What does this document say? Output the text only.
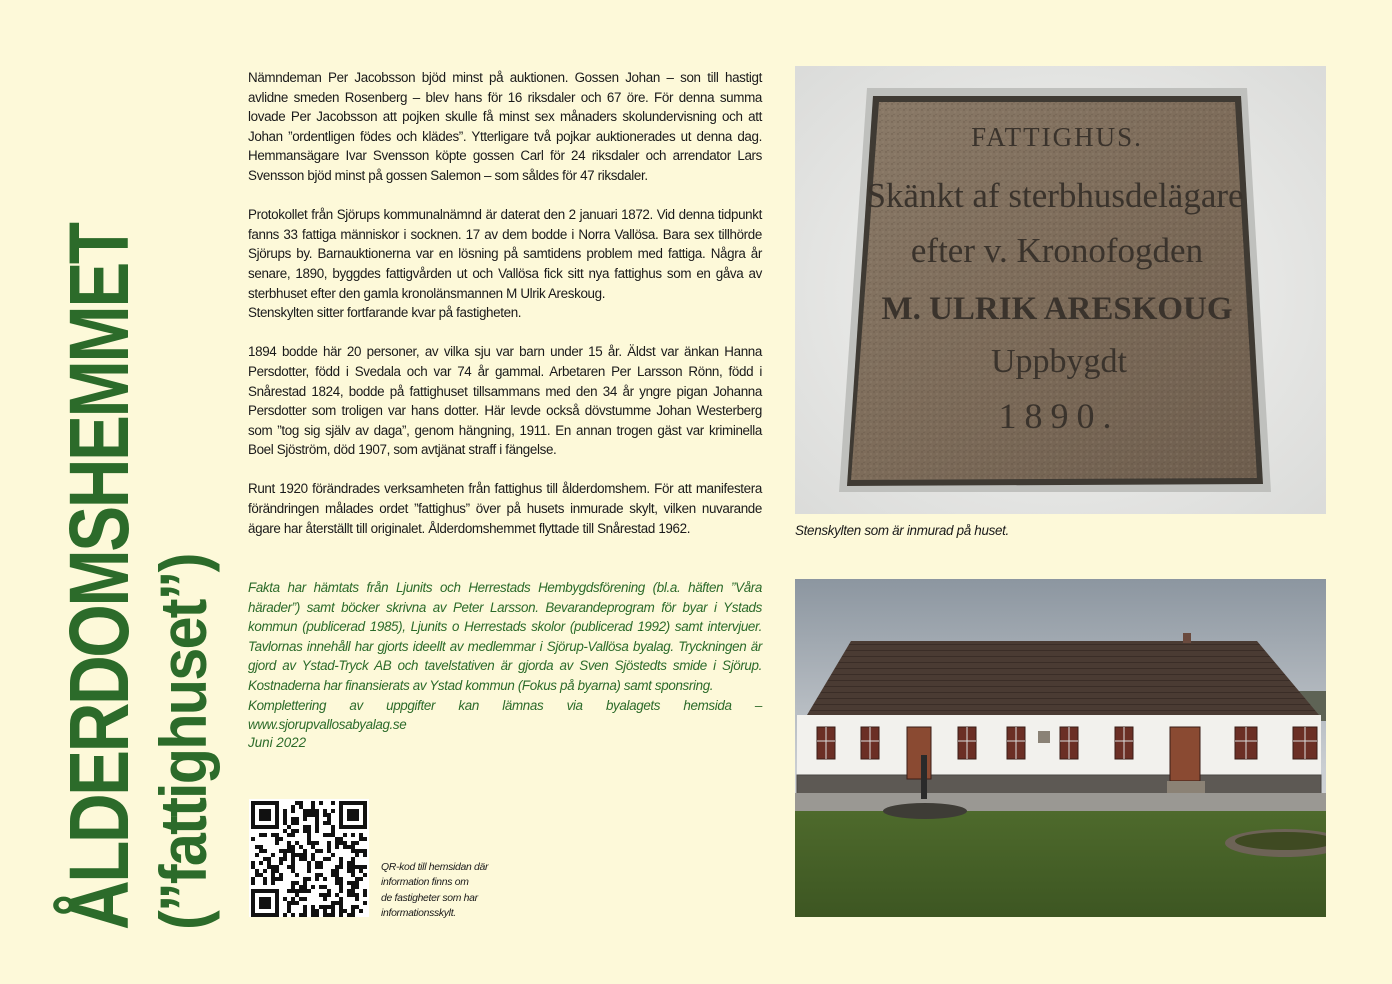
ÅLDERDOMSHEMMET (”fattighuset”)

Nämndeman Per Jacobsson bjöd minst på auktionen. Gossen Johan – son till hastigt avlidne smeden Rosenberg – blev hans för 16 riksdaler och 67 öre. För denna summa lovade Per Jacobsson att pojken skulle få minst sex månaders skolundervisning och att Johan ”ordentligen födes och klädes”. Ytterligare två pojkar auktionerades ut denna dag. Hemmansägare Ivar Svensson köpte gossen Carl för 24 riksdaler och arrendator Lars Svensson bjöd minst på gossen Salemon – som såldes för 47 riksdaler.

Protokollet från Sjörups kommunalnämnd är daterat den 2 januari 1872. Vid denna tidpunkt fanns 33 fattiga människor i socknen. 17 av dem bodde i Norra Vallösa. Bara sex tillhörde Sjörups by. Barnauktionerna var en lösning på samtidens problem med fattiga. Några år senare, 1890, byggdes fattigvården ut och Vallösa fick sitt nya fattighus som en gåva av sterbhuset efter den gamla kronolänsmannen M Ulrik Areskoug.
Stenskylten sitter fortfarande kvar på fastigheten.

1894 bodde här 20 personer, av vilka sju var barn under 15 år. Äldst var änkan Hanna Persdotter, född i Svedala och var 74 år gammal. Arbetaren Per Larsson Rönn, född i Snårestad 1824, bodde på fattighuset tillsammans med den 34 år yngre pigan Johanna Persdotter som troligen var hans dotter. Här levde också dövstumme Johan Westerberg som ”tog sig själv av daga”, genom hängning, 1911. En annan trogen gäst var kriminella Boel Sjöström, död 1907, som avtjänat straff i fängelse.

Runt 1920 förändrades verksamheten från fattighus till ålderdomshem. För att manifestera förändringen målades ordet ”fattighus” över på husets inmurade skylt, vilken nuvarande ägare har återställt till originalet. Ålderdomshemmet flyttade till Snårestad 1962.

Fakta har hämtats från Ljunits och Herrestads Hembygdsförening (bl.a. häften ”Våra härader”) samt böcker skrivna av Peter Larsson. Bevarandeprogram för byar i Ystads kommun (publicerad 1985), Ljunits o Herrestads skolor (publicerad 1992) samt intervjuer. Tavlornas innehåll har gjorts ideellt av medlemmar i Sjörup-Vallösa byalag. Tryckningen är gjord av Ystad-Tryck AB och tavelstativen är gjorda av Sven Sjöstedts smide i Sjörup. Kostnaderna har finansierats av Ystad kommun (Fokus på byarna) samt sponsring.

Komplettering av uppgifter kan lämnas via byalagets hemsida – www.sjorupvallosabyalag.se

Juni 2022
QR-kod till hemsidan där
information finns om
de fastigheter som har
informationsskylt.
FATTIGHUS.
Skänkt af sterbhusdelägare
efter v. Kronofogden
M. ULRIK ARESKOUG
Uppbygdt
1890.
Stenskylten som är inmurad på huset.
